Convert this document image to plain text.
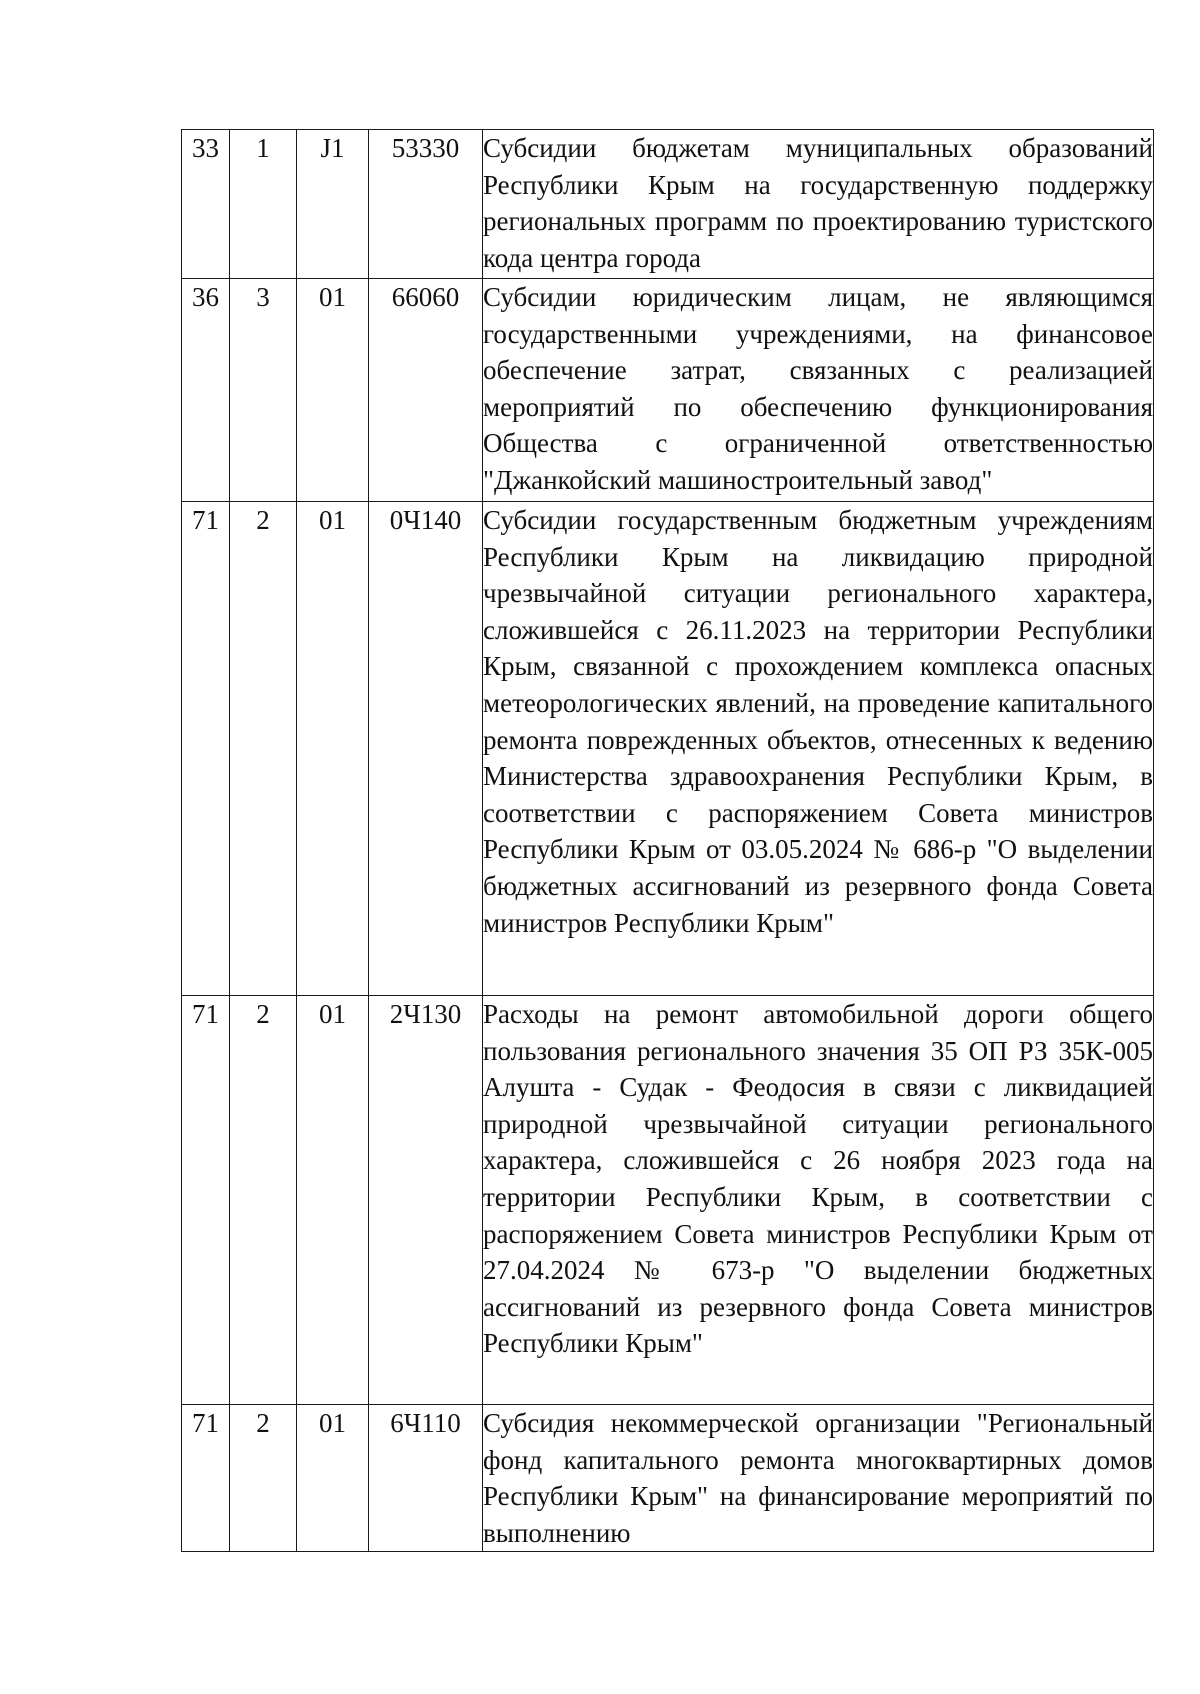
33	1	J1	53330	Субсидии бюджетам муниципальных образований Республики Крым на государственную поддержку региональных программ по проектированию туристского кода центра города
36	3	01	66060	Субсидии юридическим лицам, не являющимся государственными учреждениями, на финансовое обеспечение затрат, связанных с реализацией мероприятий по обеспечению функционирования Общества с ограниченной ответственностью "Джанкойский машиностроительный завод"
71	2	01	0Ч140	Субсидии государственным бюджетным учреждениям Республики Крым на ликвидацию природной чрезвычайной ситуации регионального характера, сложившейся с 26.11.2023 на территории Республики Крым, связанной с прохождением комплекса опасных метеорологических явлений, на проведение капитального ремонта поврежденных объектов, отнесенных к ведению Министерства здравоохранения Республики Крым, в соответствии с распоряжением Совета министров Республики Крым от 03.05.2024 № 686-р "О выделении бюджетных ассигнований из резервного фонда Совета министров Республики Крым"
71	2	01	2Ч130	Расходы на ремонт автомобильной дороги общего пользования регионального значения 35 ОП РЗ 35К-005 Алушта - Судак - Феодосия в связи с ликвидацией природной чрезвычайной ситуации регионального характера, сложившейся с 26 ноября 2023 года на территории Республики Крым, в соответствии с распоряжением Совета министров Республики Крым от 27.04.2024 № 673-р "О выделении бюджетных ассигнований из резервного фонда Совета министров Республики Крым"
71	2	01	6Ч110	Субсидия некоммерческой организации "Региональный фонд капитального ремонта многоквартирных домов Республики Крым" на финансирование мероприятий по выполнению
